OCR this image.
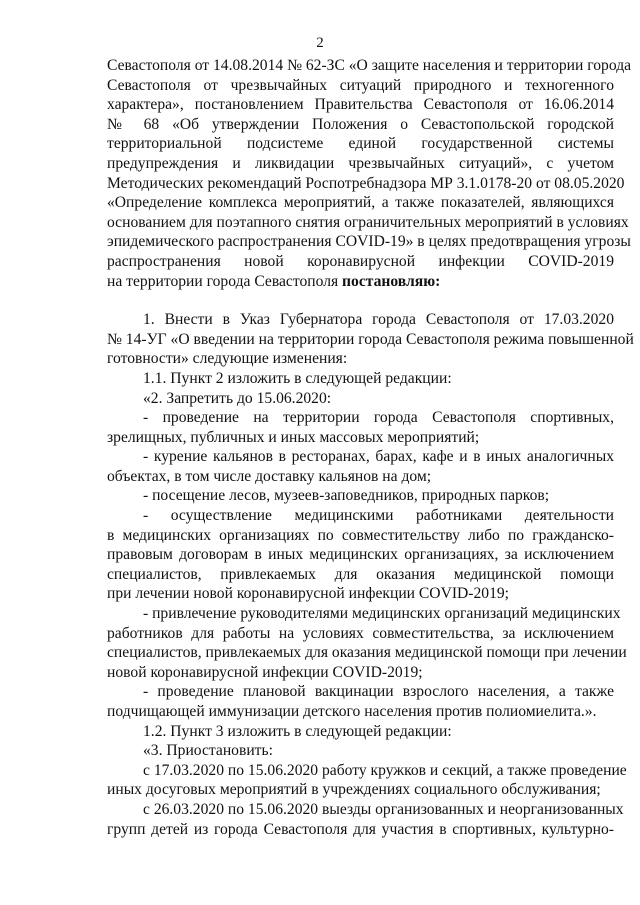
2

Севастополя от 14.08.2014 № 62-ЗС «О защите населения и территории города
Севастополя от чрезвычайных ситуаций природного и техногенного
характера», постановлением Правительства Севастополя от 16.06.2014
№ 68 «Об утверждении Положения о Севастопольской городской
территориальной подсистеме единой государственной системы
предупреждения и ликвидации чрезвычайных ситуаций», с учетом
Методических рекомендаций Роспотребнадзора МР 3.1.0178-20 от 08.05.2020
«Определение комплекса мероприятий, а также показателей, являющихся
основанием для поэтапного снятия ограничительных мероприятий в условиях
эпидемического распространения COVID-19» в целях предотвращения угрозы
распространения новой коронавирусной инфекции COVID-2019
на территории города Севастополя постановляю:

1. Внести в Указ Губернатора города Севастополя от 17.03.2020
№ 14-УГ «О введении на территории города Севастополя режима повышенной
готовности» следующие изменения:

1.1. Пункт 2 изложить в следующей редакции:

«2. Запретить до 15.06.2020:

- проведение на территории города Севастополя спортивных,
зрелищных, публичных и иных массовых мероприятий;

- курение кальянов в ресторанах, барах, кафе и в иных аналогичных
объектах, в том числе доставку кальянов на дом;

- посещение лесов, музеев-заповедников, природных парков;

- осуществление медицинскими работниками деятельности
в медицинских организациях по совместительству либо по гражданско-
правовым договорам в иных медицинских организациях, за исключением
специалистов, привлекаемых для оказания медицинской помощи
при лечении новой коронавирусной инфекции COVID-2019;

- привлечение руководителями медицинских организаций медицинских
работников для работы на условиях совместительства, за исключением
специалистов, привлекаемых для оказания медицинской помощи при лечении
новой коронавирусной инфекции COVID-2019;

- проведение плановой вакцинации взрослого населения, а также
подчищающей иммунизации детского населения против полиомиелита.».

1.2. Пункт 3 изложить в следующей редакции:

«3. Приостановить:

с 17.03.2020 по 15.06.2020 работу кружков и секций, а также проведение
иных досуговых мероприятий в учреждениях социального обслуживания;

с 26.03.2020 по 15.06.2020 выезды организованных и неорганизованных
групп детей из города Севастополя для участия в спортивных, культурно-
